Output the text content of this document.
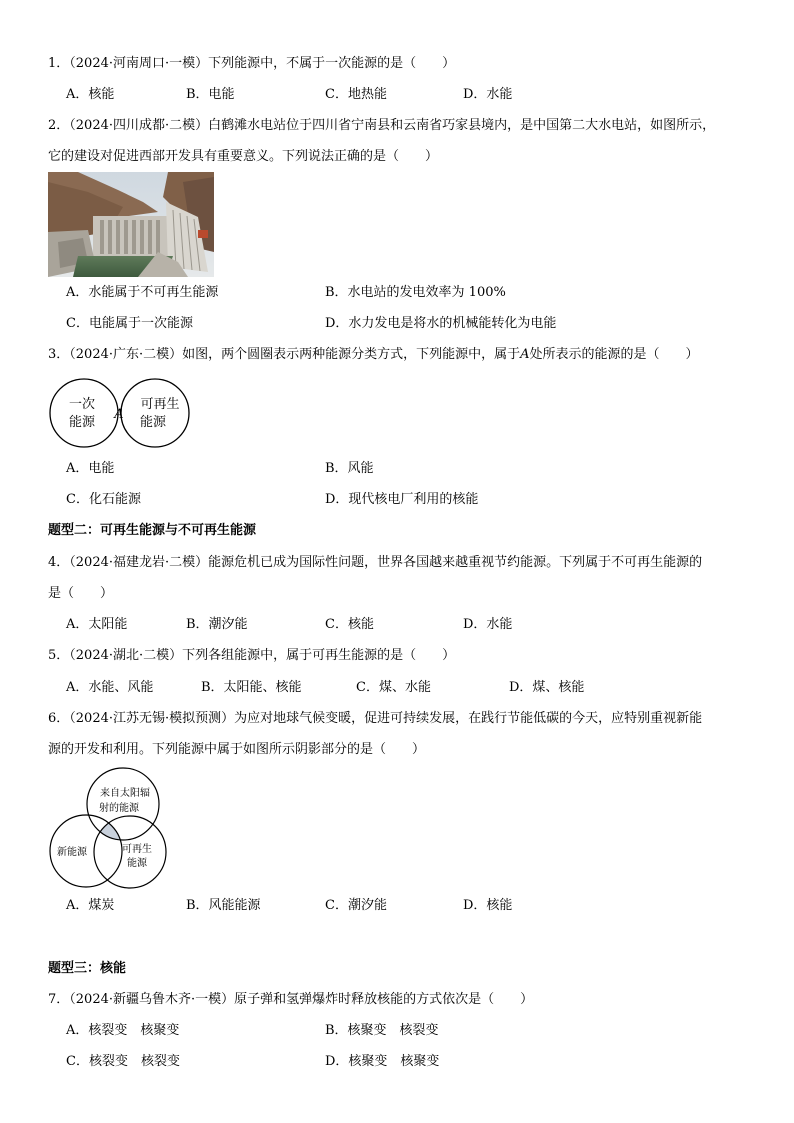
1．（2024·河南周口·一模）下列能源中，不属于一次能源的是（　　）
A．核能	B．电能	C．地热能	D．水能
2．（2024·四川成都·二模）白鹤滩水电站位于四川省宁南县和云南省巧家县境内，是中国第二大水电站，如图所示，
它的建设对促进西部开发具有重要意义。下列说法正确的是（　　）
A．水能属于不可再生能源	B．水电站的发电效率为 100%
C．电能属于一次能源	D．水力发电是将水的机械能转化为电能
3．（2024·广东·二模）如图，两个圆圈表示两种能源分类方式，下列能源中，属于A处所表示的能源的是（　　）
一次
能源
可再生
能源
A
A．电能	B．风能
C．化石能源	D．现代核电厂利用的核能
题型二：可再生能源与不可再生能源
4．（2024·福建龙岩·二模）能源危机已成为国际性问题，世界各国越来越重视节约能源。下列属于不可再生能源的
是（　　）
A．太阳能	B．潮汐能	C．核能	D．水能
5．（2024·湖北·二模）下列各组能源中，属于可再生能源的是（　　）
A．水能、风能	B．太阳能、核能	C．煤、水能	D．煤、核能
6．（2024·江苏无锡·模拟预测）为应对地球气候变暖，促进可持续发展，在践行节能低碳的今天，应特别重视新能
源的开发和利用。下列能源中属于如图所示阴影部分的是（　　）
来自太阳辐
射的能源
新能源	可再生
能源
A．煤炭	B．风能能源	C．潮汐能	D．核能
题型三：核能
7．（2024·新疆乌鲁木齐·一模）原子弹和氢弹爆炸时释放核能的方式依次是（　　）
A．核裂变　核聚变	B．核聚变　核裂变
C．核裂变　核裂变	D．核聚变　核聚变
